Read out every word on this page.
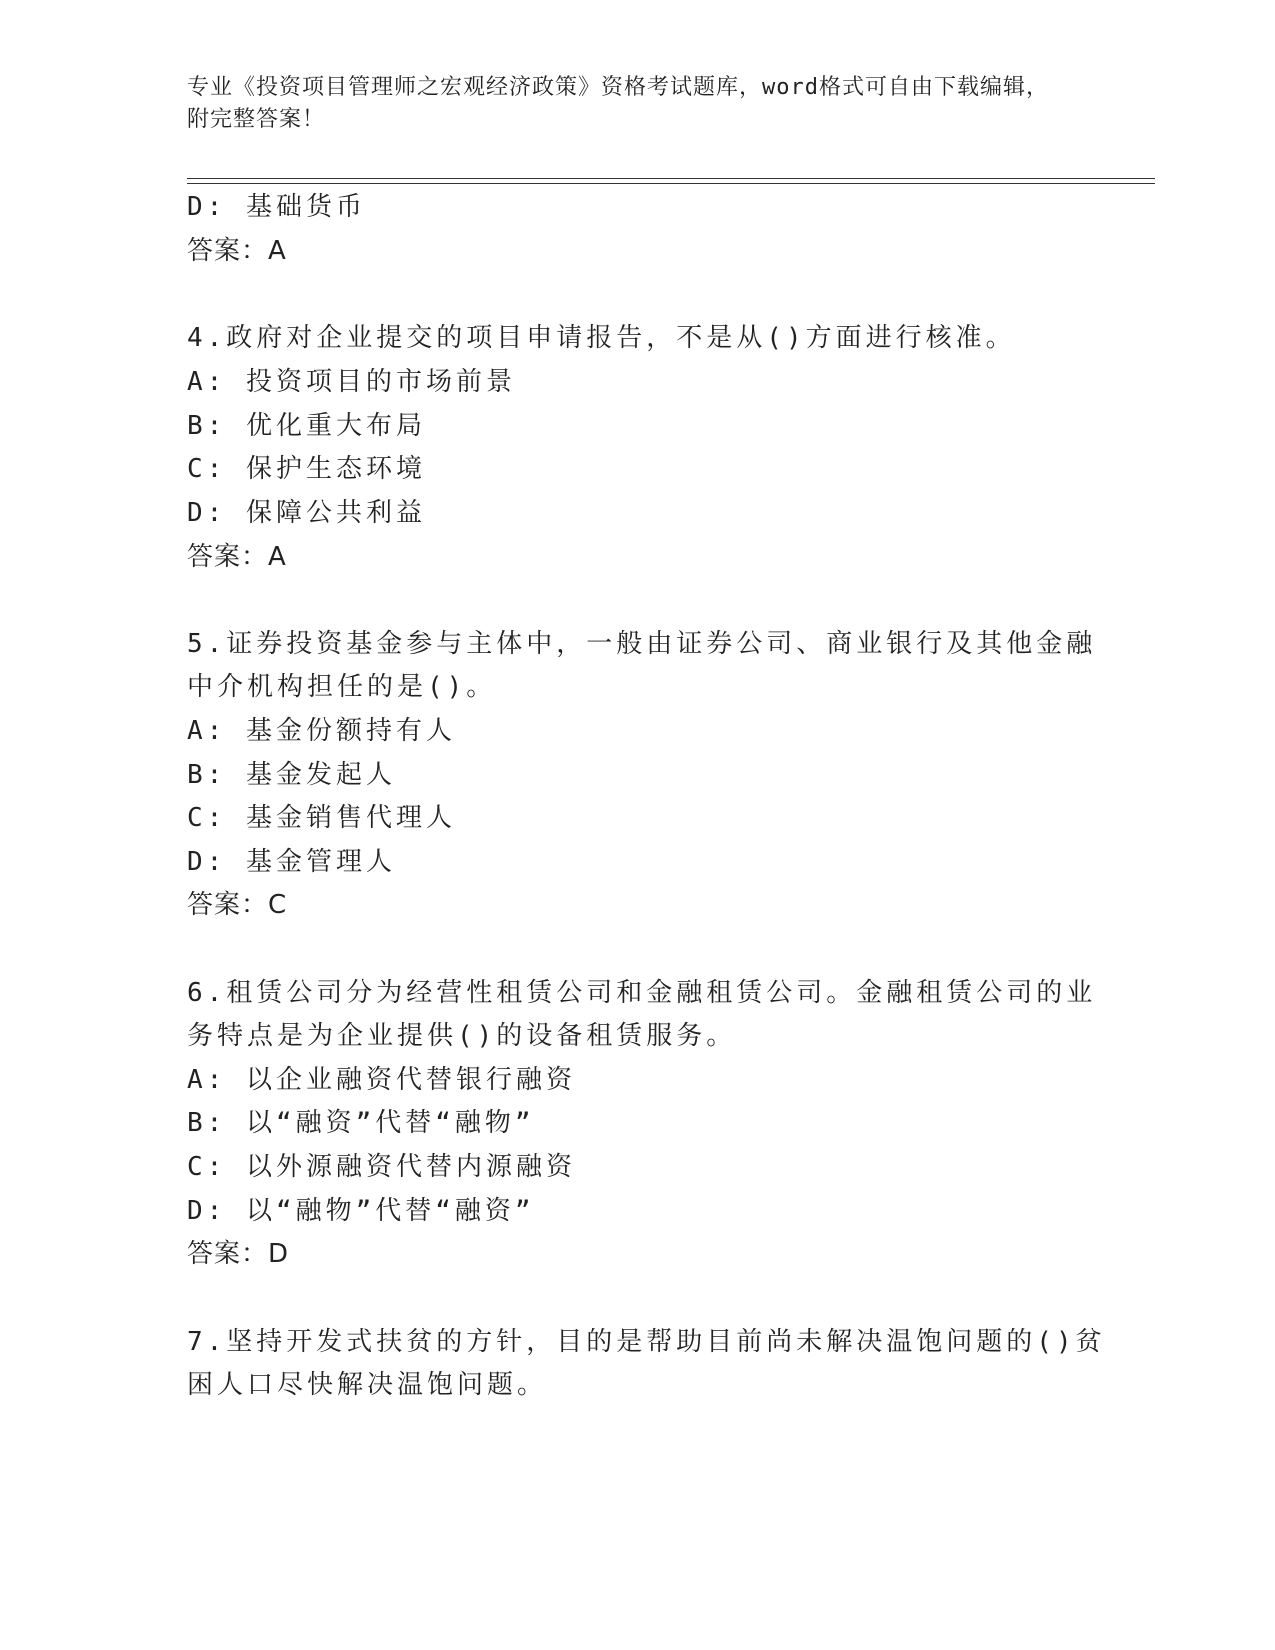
专业《投资项目管理师之宏观经济政策》资格考试题库，word格式可自由下载编辑，附完整答案！
D: 基础货币
答案：A
4.政府对企业提交的项目申请报告，不是从()方面进行核准。
A: 投资项目的市场前景
B: 优化重大布局
C: 保护生态环境
D: 保障公共利益
答案：A
5.证券投资基金参与主体中，一般由证券公司、商业银行及其他金融
中介机构担任的是()。
A: 基金份额持有人
B: 基金发起人
C: 基金销售代理人
D: 基金管理人
答案：C
6.租赁公司分为经营性租赁公司和金融租赁公司。金融租赁公司的业
务特点是为企业提供()的设备租赁服务。
A: 以企业融资代替银行融资
B: 以“融资”代替“融物”
C: 以外源融资代替内源融资
D: 以“融物”代替“融资”
答案：D
7.坚持开发式扶贫的方针，目的是帮助目前尚未解决温饱问题的()贫
困人口尽快解决温饱问题。
